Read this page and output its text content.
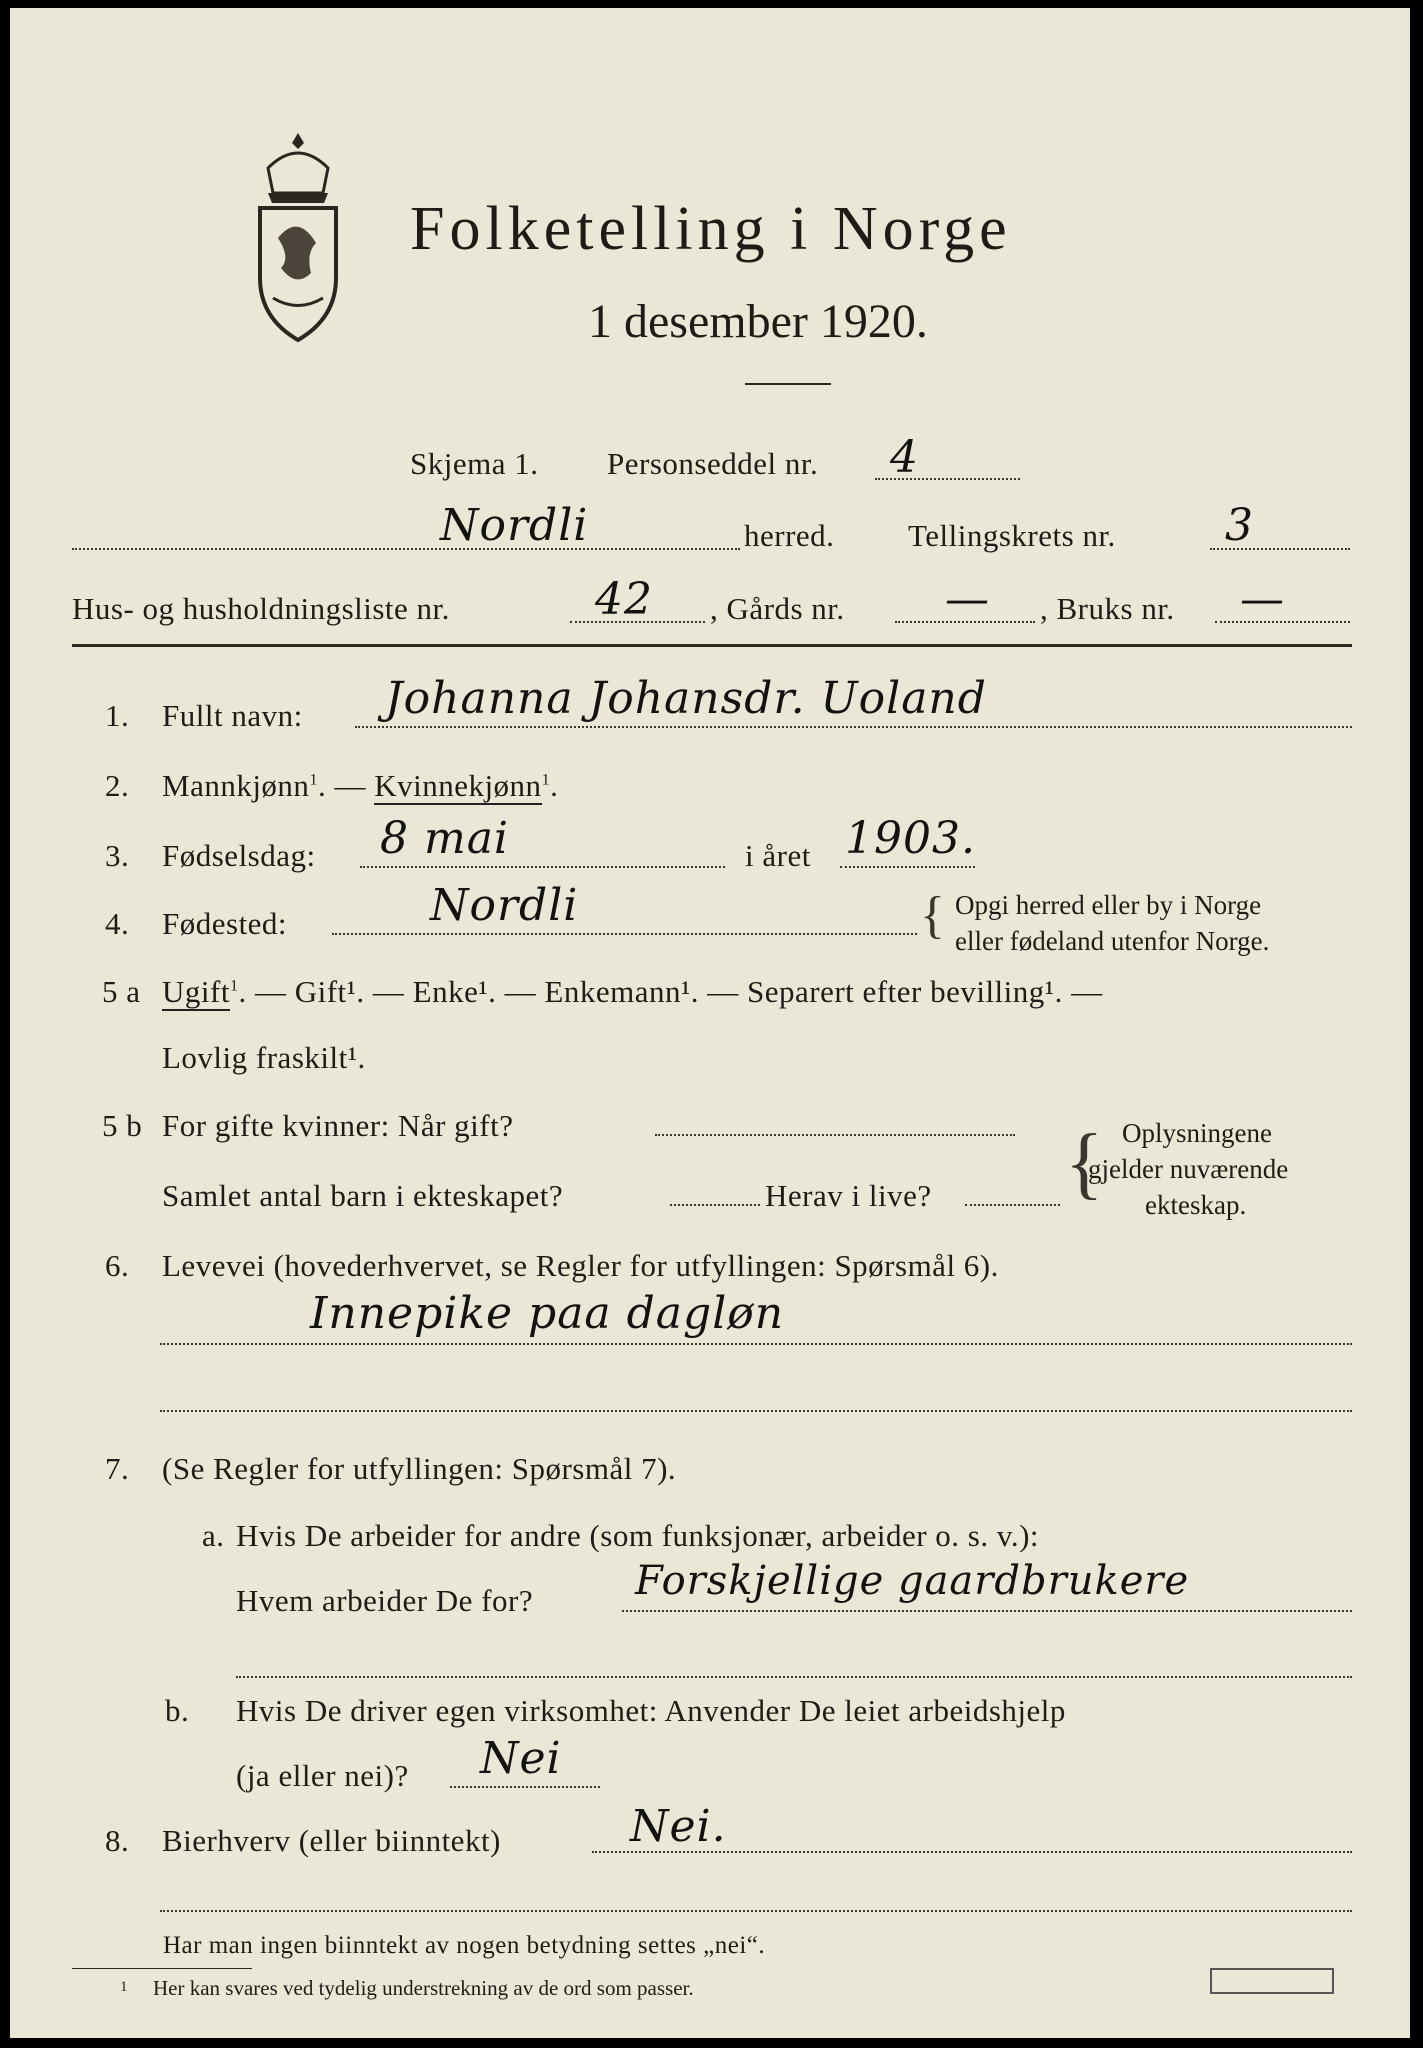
Folketelling i Norge
1 desember 1920.
Skjema 1. Personseddel nr. 4
Nordli	herred. Tellingskrets nr. 3
Hus- og husholdningsliste nr.	42 , Gårds nr. — , Bruks nr. —
1. Fullt navn: Johanna Johansdr. Uoland
2. Mannkjønn$^1$. — Kvinnekjønn$^1$.
3. Fødselsdag: 8 mai	i året 1903.
4. Fødested:	Nordli	{ Opgi herred eller by i Norge
eller fødeland utenfor Norge.
5 a Ugift$^1$. — Gift¹. — Enke¹. — Enkemann¹. — Separert efter bevilling¹. —
Lovlig fraskilt¹.
5 b For gifte kvinner: Når gift?
Samlet antal barn i ekteskapet?	Herav i live? { Oplysningene
gjelder nuværende
ekteskap.
6. Levevei (hovederhvervet, se Regler for utfyllingen: Spørsmål 6).
Innepike paa dagløn
7. (Se Regler for utfyllingen: Spørsmål 7).
a. Hvis De arbeider for andre (som funksjonær, arbeider o. s. v.):
Hvem arbeider De for?	Forskjellige gaardbrukere
b. Hvis De driver egen virksomhet: Anvender De leiet arbeidshjelp
(ja eller nei)? Nei
8. Bierhverv (eller biinntekt)	Nei.
Har man ingen biinntekt av nogen betydning settes „nei“.
1 Her kan svares ved tydelig understrekning av de ord som passer.
